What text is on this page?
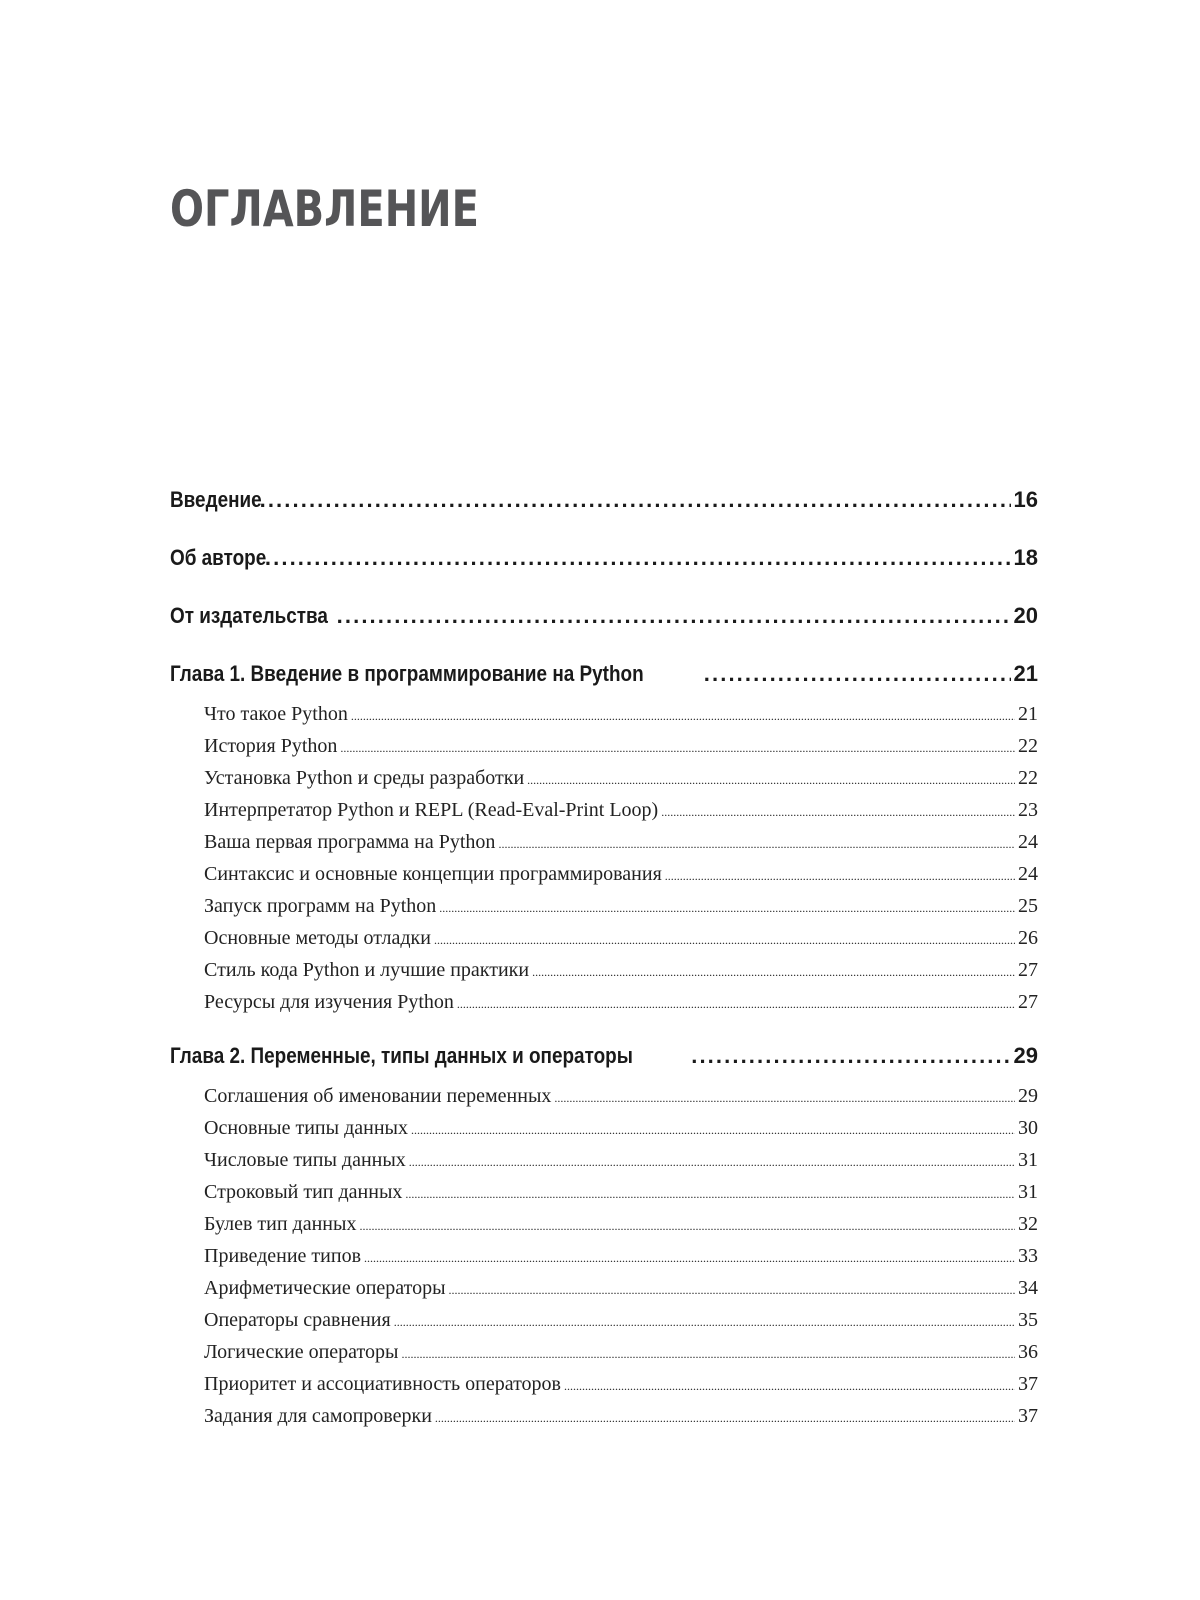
ОГЛАВЛЕНИЕ
Введение . . .	16
Об авторе . . .	18
От издательства . . .	20
Глава 1. Введение в программирование на Python . . .	21
Что такое Python .....	21
История Python .....	22
Установка Python и среды разработки .....	22
Интерпретатор Python и REPL (Read-Eval-Print Loop) .....	23
Ваша первая программа на Python .....	24
Синтаксис и основные концепции программирования .....	24
Запуск программ на Python .....	25
Основные методы отладки .....	26
Стиль кода Python и лучшие практики .....	27
Ресурсы для изучения Python .....	27
Глава 2. Переменные, типы данных и операторы . . .	29
Соглашения об именовании переменных .....	29
Основные типы данных .....	30
Числовые типы данных .....	31
Строковый тип данных .....	31
Булев тип данных .....	32
Приведение типов .....	33
Арифметические операторы .....	34
Операторы сравнения .....	35
Логические операторы .....	36
Приоритет и ассоциативность операторов .....	37
Задания для самопроверки .....	37
